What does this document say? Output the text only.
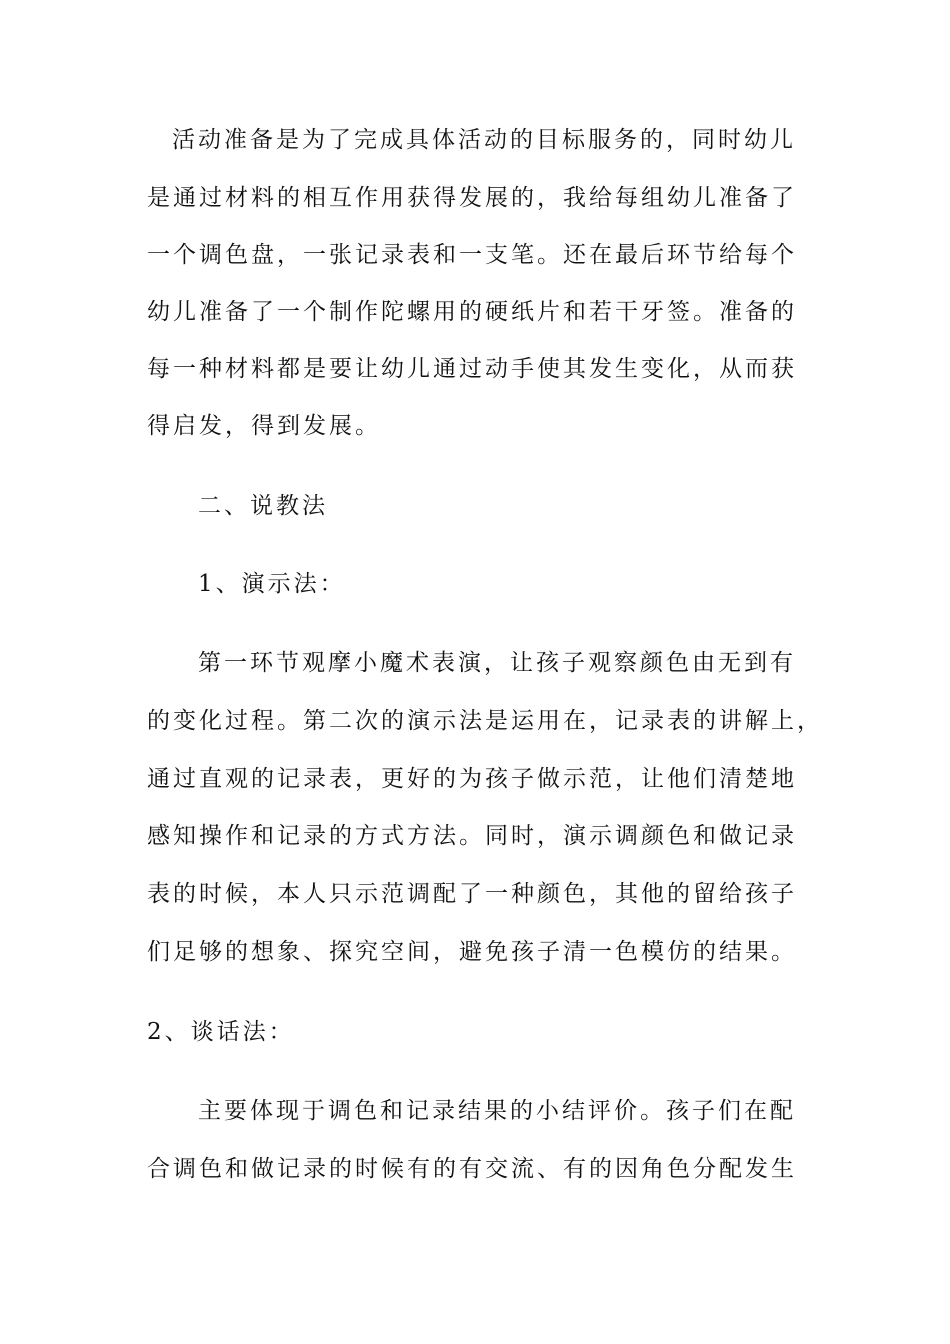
活动准备是为了完成具体活动的目标服务的，同时幼儿
是通过材料的相互作用获得发展的，我给每组幼儿准备了
一个调色盘，一张记录表和一支笔。还在最后环节给每个
幼儿准备了一个制作陀螺用的硬纸片和若干牙签。准备的
每一种材料都是要让幼儿通过动手使其发生变化，从而获
得启发，得到发展。
二、说教法
1、演示法：
第一环节观摩小魔术表演，让孩子观察颜色由无到有
的变化过程。第二次的演示法是运用在，记录表的讲解上，
通过直观的记录表，更好的为孩子做示范，让他们清楚地
感知操作和记录的方式方法。同时，演示调颜色和做记录
表的时候，本人只示范调配了一种颜色，其他的留给孩子
们足够的想象、探究空间，避免孩子清一色模仿的结果。
2、谈话法：
主要体现于调色和记录结果的小结评价。孩子们在配
合调色和做记录的时候有的有交流、有的因角色分配发生
